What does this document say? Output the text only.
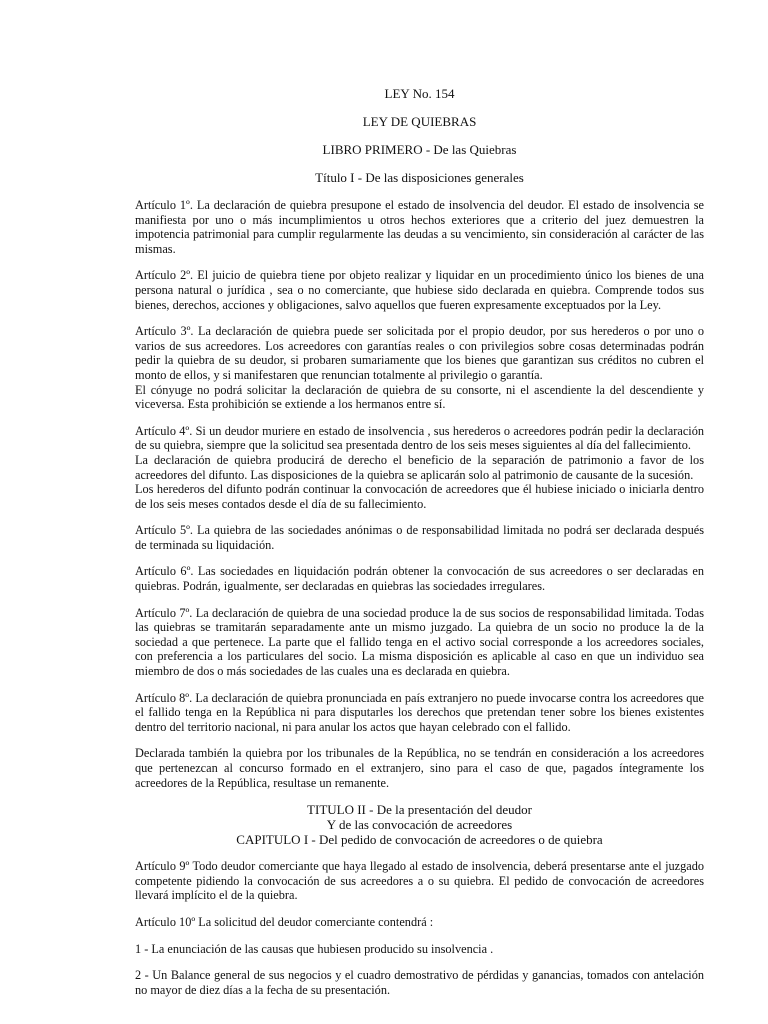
LEY No. 154
LEY DE QUIEBRAS
LIBRO PRIMERO - De las Quiebras
Título I - De las disposiciones generales
Artículo 1º. La declaración de quiebra presupone el estado de insolvencia del deudor. El estado de insolvencia se manifiesta por uno o más incumplimientos u otros hechos exteriores que a criterio del juez demuestren la impotencia patrimonial para cumplir regularmente las deudas a su vencimiento, sin consideración al carácter de las mismas.
Artículo 2º. El juicio de quiebra tiene por objeto realizar y liquidar en un procedimiento único los bienes de una persona natural o jurídica , sea o no comerciante, que hubiese sido declarada en quiebra. Comprende todos sus bienes, derechos, acciones y obligaciones, salvo aquellos que fueren expresamente exceptuados por la Ley.
Artículo 3º. La declaración de quiebra puede ser solicitada por el propio deudor, por sus herederos o por uno o varios de sus acreedores. Los acreedores con garantías reales o con privilegios sobre cosas determinadas podrán pedir la quiebra de su deudor, si probaren sumariamente que los bienes que garantizan sus créditos no cubren el monto de ellos, y si manifestaren que renuncian totalmente al privilegio o garantía.
El cónyuge no podrá solicitar la declaración de quiebra de su consorte, ni el ascendiente la del descendiente y viceversa. Esta prohibición se extiende a los hermanos entre sí.
Artículo 4º. Si un deudor muriere en estado de insolvencia , sus herederos o acreedores podrán pedir la declaración de su quiebra, siempre que la solicitud sea presentada dentro de los seis meses siguientes al día del fallecimiento.
La declaración de quiebra producirá de derecho el beneficio de la separación de patrimonio a favor de los acreedores del difunto. Las disposiciones de la quiebra se aplicarán solo al patrimonio de causante de la sucesión.
Los herederos del difunto podrán continuar la convocación de acreedores que él hubiese iniciado o iniciarla dentro de los seis meses contados desde el día de su fallecimiento.
Artículo 5º. La quiebra de las sociedades anónimas o de responsabilidad limitada no podrá ser declarada después de terminada su liquidación.
Artículo 6º. Las sociedades en liquidación podrán obtener la convocación de sus acreedores o ser declaradas en quiebras. Podrán, igualmente, ser declaradas en quiebras las sociedades irregulares.
Artículo 7º. La declaración de quiebra de una sociedad produce la de sus socios de responsabilidad limitada. Todas las quiebras se tramitarán separadamente ante un mismo juzgado. La quiebra de un socio no produce la de la sociedad a que pertenece. La parte que el fallido tenga en el activo social corresponde a los acreedores sociales, con preferencia a los particulares del socio. La misma disposición es aplicable al caso en que un individuo sea miembro de dos o más sociedades de las cuales una es declarada en quiebra.
Artículo 8º. La declaración de quiebra pronunciada en país extranjero no puede invocarse contra los acreedores que el fallido tenga en la República ni para disputarles los derechos que pretendan tener sobre los bienes existentes dentro del territorio nacional, ni para anular los actos que hayan celebrado con el fallido.
Declarada también la quiebra por los tribunales de la República, no se tendrán en consideración a los acreedores que pertenezcan al concurso formado en el extranjero, sino para el caso de que, pagados íntegramente los acreedores de la República, resultase un remanente.
TITULO II - De la presentación del deudor
Y de las convocación de acreedores
CAPITULO I - Del pedido de convocación de acreedores o de quiebra
Artículo 9º Todo deudor comerciante que haya llegado al estado de insolvencia, deberá presentarse ante el juzgado competente pidiendo la convocación de sus acreedores a o su quiebra. El pedido de convocación de acreedores llevará implícito el de la quiebra.
Artículo 10º La solicitud del deudor comerciante contendrá :
1 - La enunciación de las causas que hubiesen producido su insolvencia .
2 - Un Balance general de sus negocios y el cuadro demostrativo de pérdidas y ganancias, tomados con antelación no mayor de diez días a la fecha de su presentación.
